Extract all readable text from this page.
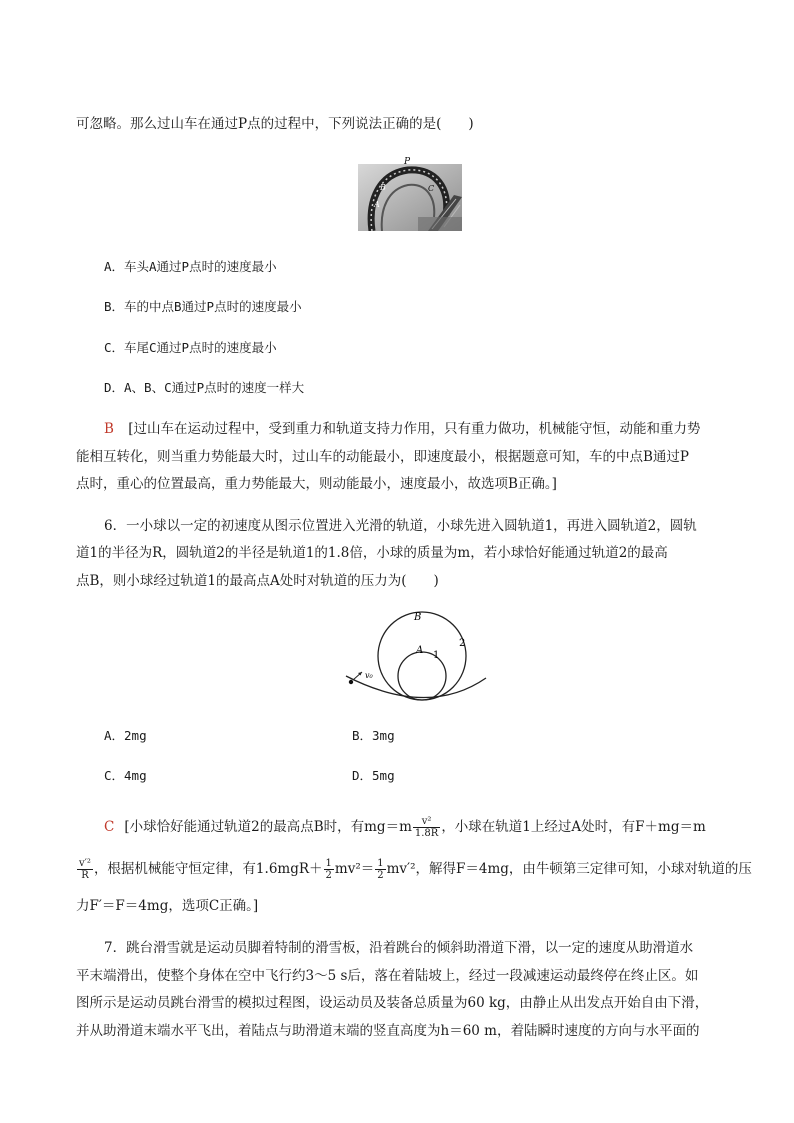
可忽略。那么过山车在通过P点的过程中，下列说法正确的是(　　)
P
B	C
A
A．车头A通过P点时的速度最小
B．车的中点B通过P点时的速度最小
C．车尾C通过P点时的速度最小
D．A、B、C通过P点时的速度一样大
B [过山车在运动过程中，受到重力和轨道支持力作用，只有重力做功，机械能守恒，动能和重力势
能相互转化，则当重力势能最大时，过山车的动能最小，即速度最小，根据题意可知，车的中点B通过P
点时，重心的位置最高，重力势能最大，则动能最小，速度最小，故选项B正确。]
6．一小球以一定的初速度从图示位置进入光滑的轨道，小球先进入圆轨道1，再进入圆轨道2，圆轨
道1的半径为R，圆轨道2的半径是轨道1的1.8倍，小球的质量为m，若小球恰好能通过轨道2的最高
点B，则小球经过轨道1的最高点A处时对轨道的压力为(　　)
B
A 1
2
v₀
A．2mg	B．3mg
C．4mg	D．5mg
C [小球恰好能通过轨道2的最高点B时，有$mg=m \frac{\text{v²}}{1.8R}$ ，小球在轨道1上经过A处时，有F＋mg＝m
$\frac{\text{v′²}}{R}$ ，根据机械能守恒定律，有$1.6mgR+ \frac{1}{2} mv^2= \frac{1}{2} mv'^2$，解得F＝4mg，由牛顿第三定律可知，小球对轨道的压
力F′＝F＝4mg，选项C正确。]
7．跳台滑雪就是运动员脚着特制的滑雪板，沿着跳台的倾斜助滑道下滑，以一定的速度从助滑道水
平末端滑出，使整个身体在空中飞行约3～5 s后，落在着陆坡上，经过一段减速运动最终停在终止区。如
图所示是运动员跳台滑雪的模拟过程图，设运动员及装备总质量为60 kg，由静止从出发点开始自由下滑，
并从助滑道末端水平飞出，着陆点与助滑道末端的竖直高度为h＝60 m，着陆瞬时速度的方向与水平面的
